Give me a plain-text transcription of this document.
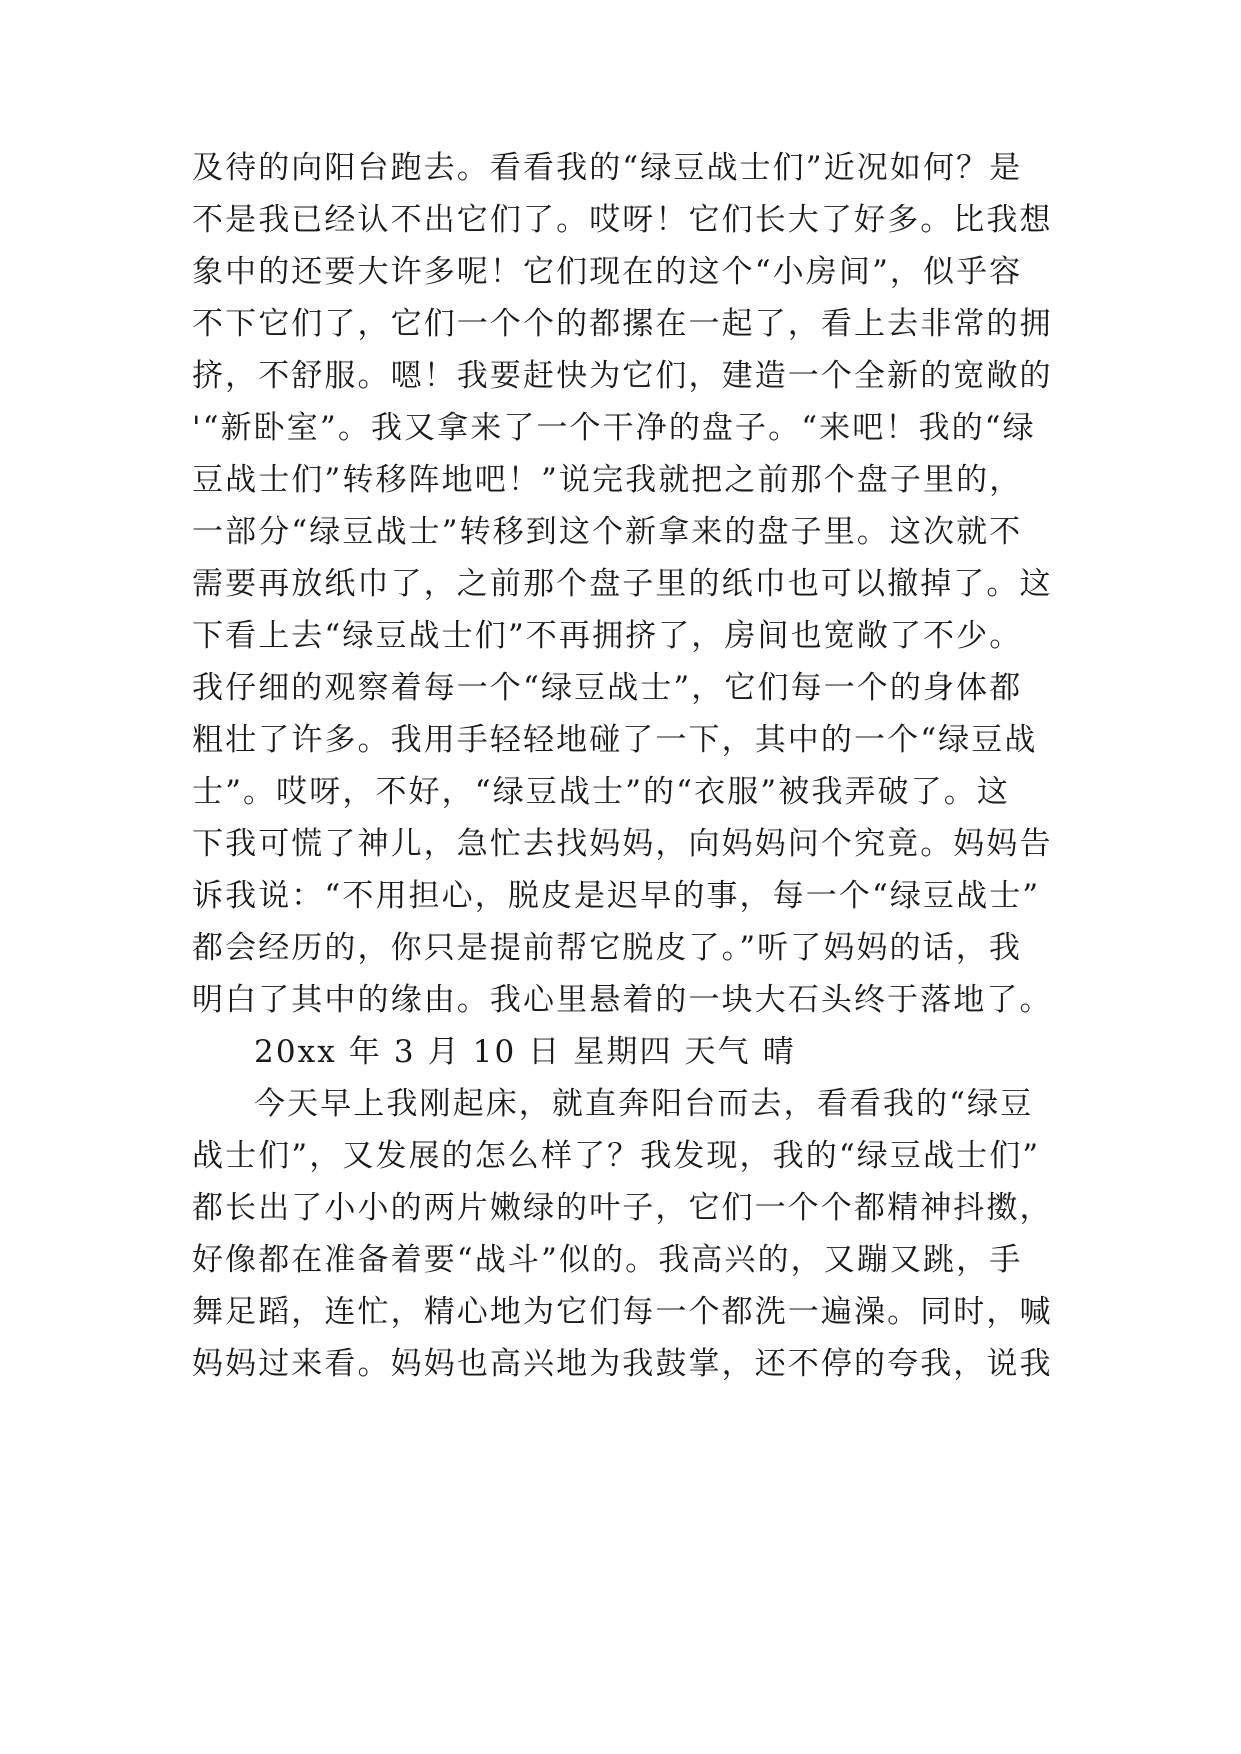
及待的向阳台跑去。看看我的“绿豆战士们”近况如何？是
不是我已经认不出它们了。哎呀！它们长大了好多。比我想
象中的还要大许多呢！它们现在的这个“小房间”，似乎容
不下它们了，它们一个个的都摞在一起了，看上去非常的拥
挤，不舒服。嗯！我要赶快为它们，建造一个全新的宽敞的
'“新卧室”。我又拿来了一个干净的盘子。“来吧！我的“绿
豆战士们”转移阵地吧！”说完我就把之前那个盘子里的，
一部分“绿豆战士”转移到这个新拿来的盘子里。这次就不
需要再放纸巾了，之前那个盘子里的纸巾也可以撤掉了。这
下看上去“绿豆战士们”不再拥挤了，房间也宽敞了不少。
我仔细的观察着每一个“绿豆战士”，它们每一个的身体都
粗壮了许多。我用手轻轻地碰了一下，其中的一个“绿豆战
士”。哎呀，不好，“绿豆战士”的“衣服”被我弄破了。这
下我可慌了神儿，急忙去找妈妈，向妈妈问个究竟。妈妈告
诉我说：“不用担心，脱皮是迟早的事，每一个“绿豆战士”
都会经历的，你只是提前帮它脱皮了。”听了妈妈的话，我
明白了其中的缘由。我心里悬着的一块大石头终于落地了。
20xx 年 3 月 10 日 星期四 天气 晴
今天早上我刚起床，就直奔阳台而去，看看我的“绿豆
战士们”，又发展的怎么样了？我发现，我的“绿豆战士们”
都长出了小小的两片嫩绿的叶子，它们一个个都精神抖擞，
好像都在准备着要“战斗”似的。我高兴的，又蹦又跳，手
舞足蹈，连忙，精心地为它们每一个都洗一遍澡。同时，喊
妈妈过来看。妈妈也高兴地为我鼓掌，还不停的夸我，说我
